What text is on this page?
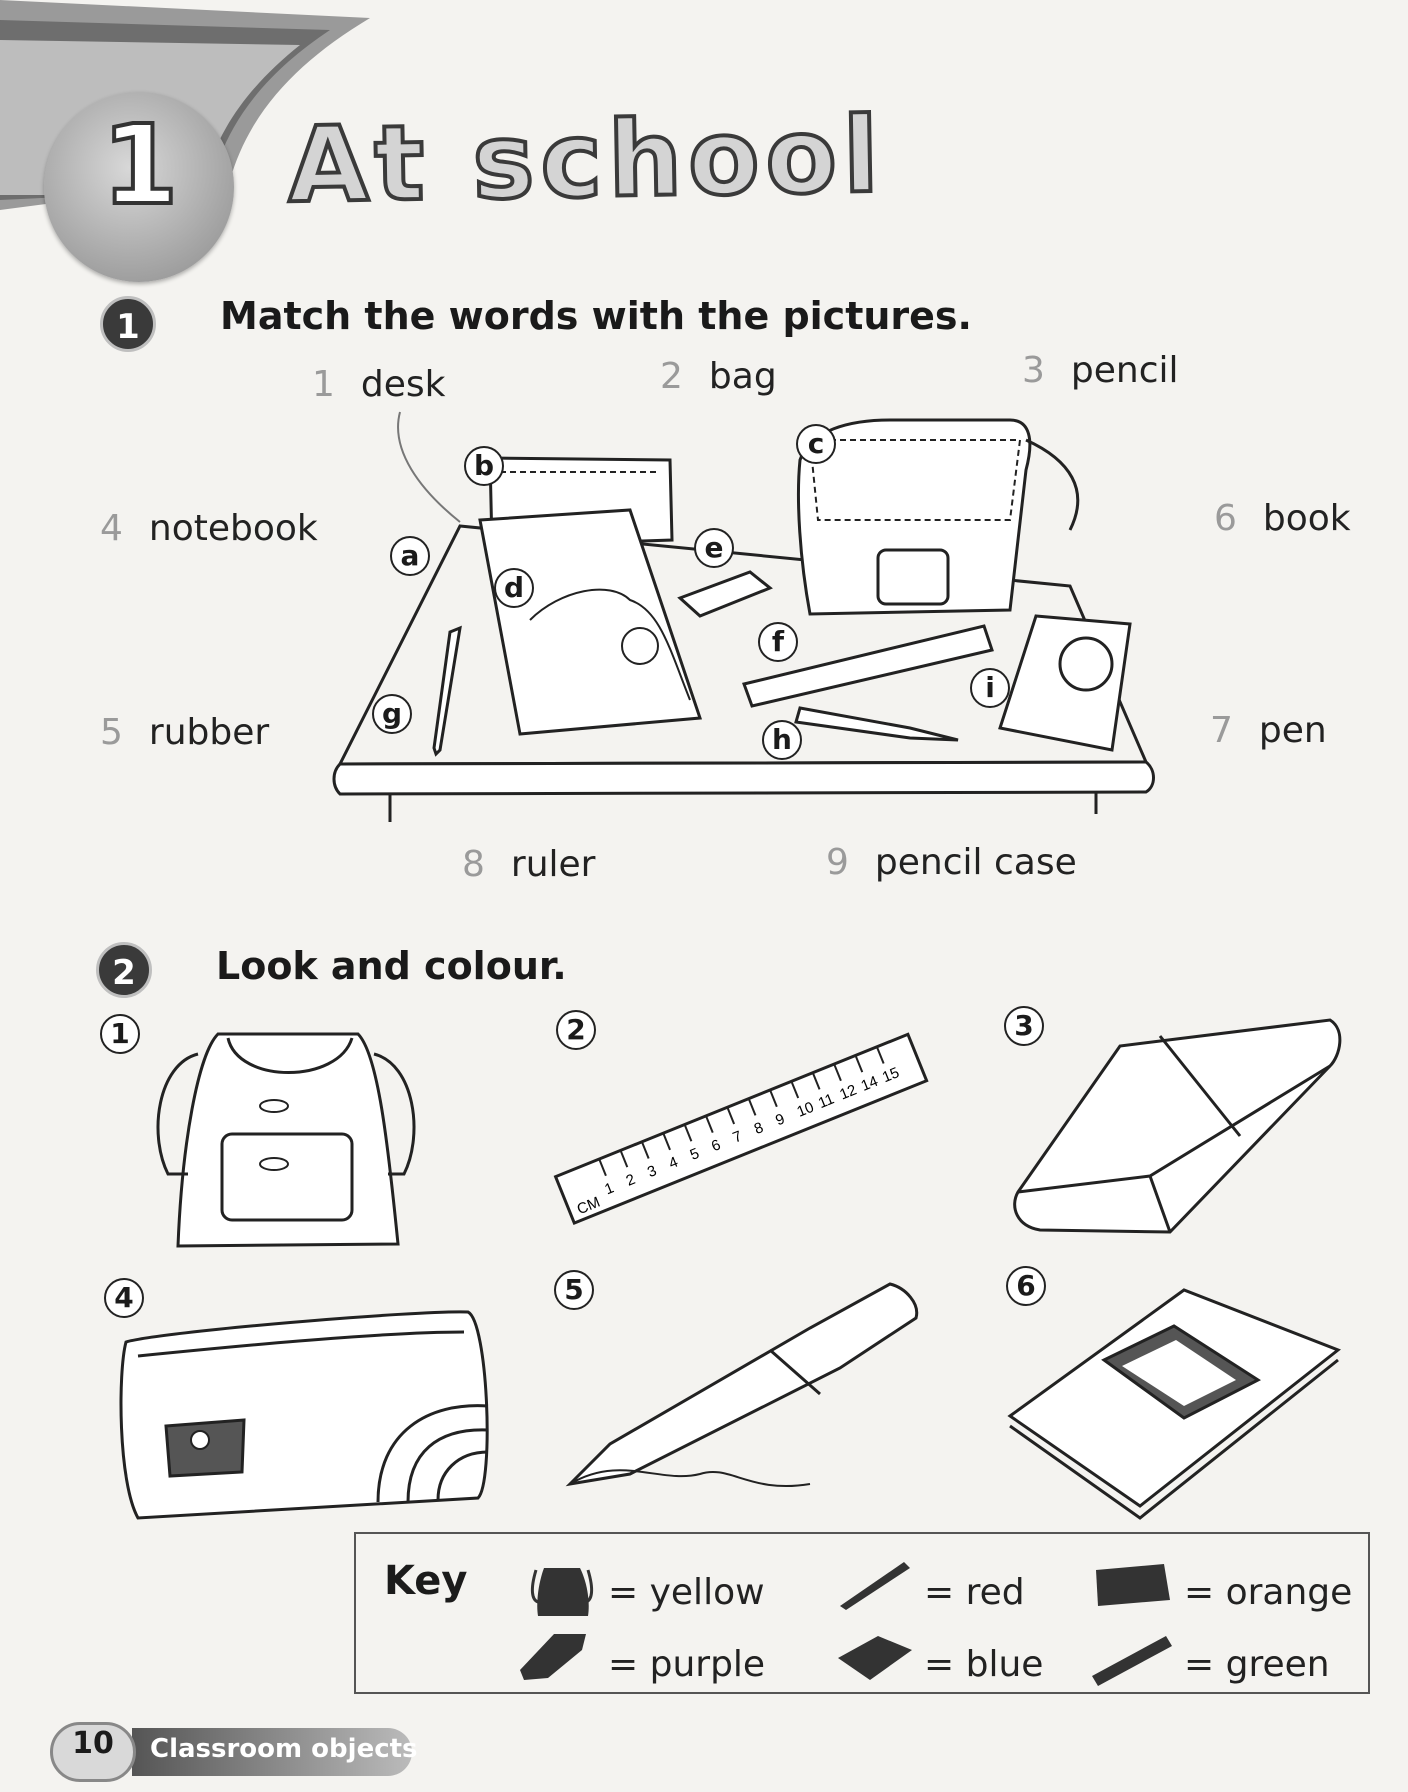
1	At school
1	Match the words with the pictures.
1 desk	2 bag	3 pencil
4 notebook
5 rubber
6 book
7 pen
8 ruler	9 pencil case
b
c
a
d
e
f
g
h
i
2	Look and colour.
1	2
1 2 3 4 5 6 7 8 9 10 11 12 14 15
CM
3
4	5	6
Key	= yellow	= red	= orange
= purple	= blue	= green
10	Classroom objects
